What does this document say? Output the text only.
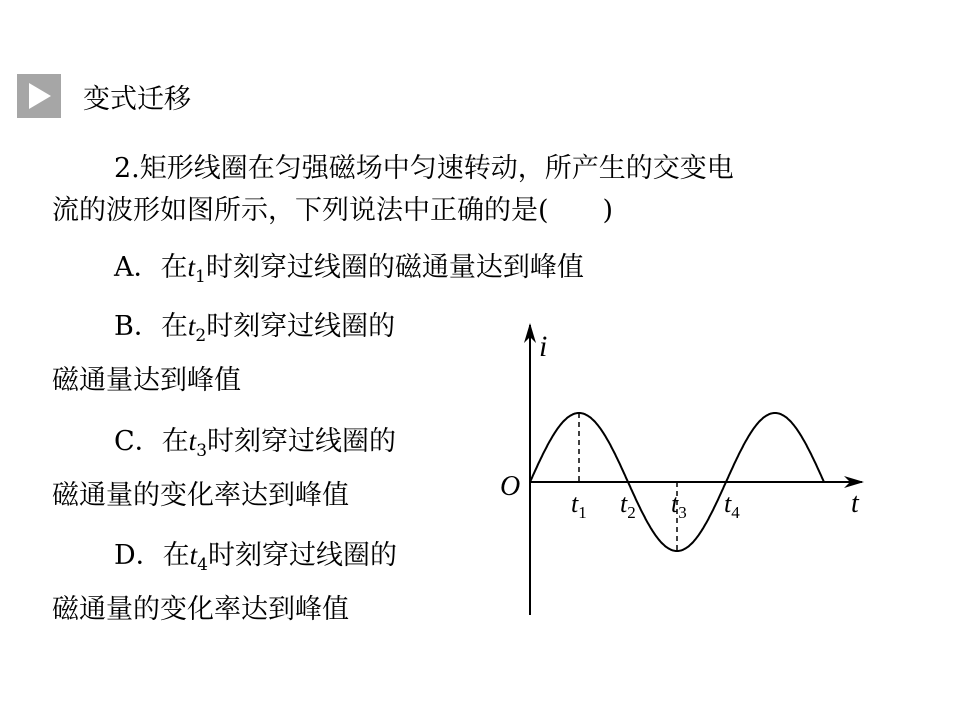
变式迁移
2.矩形线圈在匀强磁场中匀速转动，所产生的交变电
流的波形如图所示，下列说法中正确的是( )
A．在$t_1$时刻穿过线圈的磁通量达到峰值
B．在$t_2$时刻穿过线圈的
磁通量达到峰值
C．在$t_3$时刻穿过线圈的
磁通量的变化率达到峰值
D．在$t_4$时刻穿过线圈的
磁通量的变化率达到峰值
i
O
t
$t_1$ $t_2$ $t_3$ $t_4$
